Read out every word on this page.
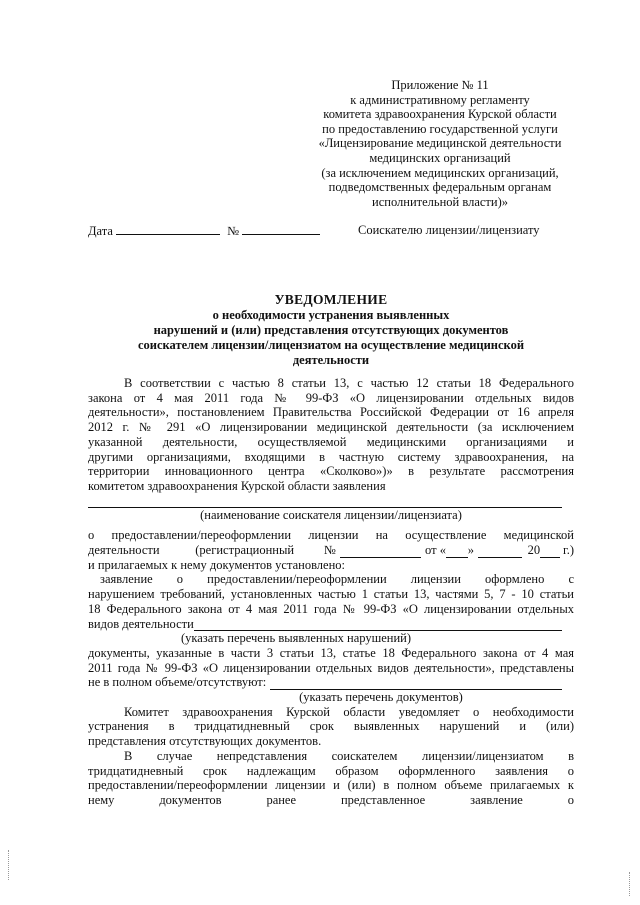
Приложение № 11
к административному регламенту
комитета здравоохранения Курской области
по предоставлению государственной услуги
«Лицензирование медицинской деятельности
медицинских организаций
(за исключением медицинских организаций,
подведомственных федеральным органам
исполнительной власти)»
Дата	№	Соискателю лицензии/лицензиату
УВЕДОМЛЕНИЕ
о необходимости устранения выявленных
нарушений и (или) представления отсутствующих документов
соискателем лицензии/лицензиатом на осуществление медицинской
деятельности
В соответствии с частью 8 статьи 13, с частью 12 статьи 18 Федерального
закона от 4 мая 2011 года № 99-ФЗ «О лицензировании отдельных видов
деятельности», постановлением Правительства Российской Федерации от 16 апреля
2012 г. № 291 «О лицензировании медицинской деятельности (за исключением
указанной деятельности, осуществляемой медицинскими организациями и
другими организациями, входящими в частную систему здравоохранения, на
территории инновационного центра «Сколково»)» в результате рассмотрения
комитетом здравоохранения Курской области заявления
(наименование соискателя лицензии/лицензиата)
о предоставлении/переоформлении лицензии на осуществление медицинской
деятельности	(регистрационный №	от « »	20 г.)
и прилагаемых к нему документов установлено:
заявление о предоставлении/переоформлении лицензии оформлено с
нарушением требований, установленных частью 1 статьи 13, частями 5, 7 - 10 статьи
18 Федерального закона от 4 мая 2011 года № 99-ФЗ «О лицензировании отдельных
видов деятельности
(указать перечень выявленных нарушений)
документы, указанные в части 3 статьи 13, статье 18 Федерального закона от 4 мая
2011 года № 99-ФЗ «О лицензировании отдельных видов деятельности», представлены
не в полном объеме/отсутствуют:
(указать перечень документов)
Комитет здравоохранения Курской области уведомляет о необходимости
устранения в тридцатидневный срок выявленных нарушений и (или)
представления отсутствующих документов.
В случае непредставления соискателем лицензии/лицензиатом в
тридцатидневный срок надлежащим образом оформленного заявления о
предоставлении/переоформлении лицензии и (или) в полном объеме прилагаемых к
нему документов ранее представленное заявление о
